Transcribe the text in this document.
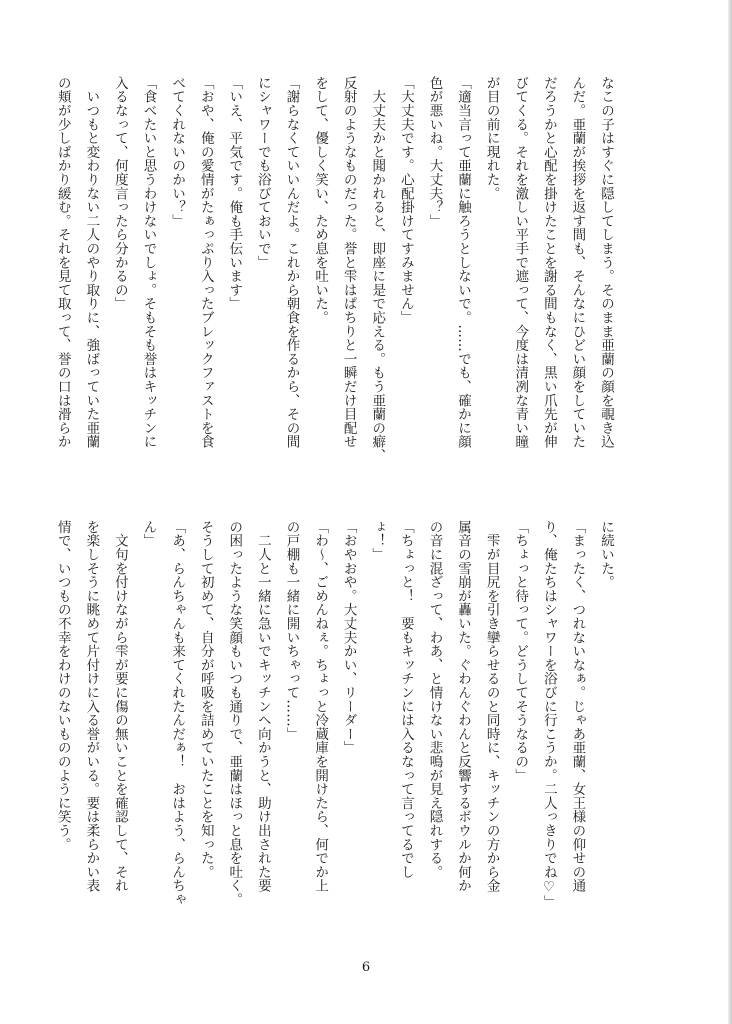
なこの子はすぐに隠してしまう。そのまま亜蘭の顔を覗き込
んだ。亜蘭が挨拶を返す間も、そんなにひどい顔をしていた
だろうかと心配を掛けたことを謝る間もなく、黒い爪先が伸
びてくる。それを激しい平手で遮って、今度は清冽な青い瞳
が目の前に現れた。
「適当言って亜蘭に触ろうとしないで。……でも、確かに顔
色が悪いね。大丈夫？」
「大丈夫です。心配掛けてすみません」
　大丈夫かと聞かれると、即座に是で応える。もう亜蘭の癖、
反射のようなものだった。誉と雫はぱちりと一瞬だけ目配せ
をして、優しく笑い、ため息を吐いた。
「謝らなくていいんだよ。これから朝食を作るから、その間
にシャワーでも浴びておいで」
「いえ、平気です。俺も手伝います」
「おや、俺の愛情がたぁっぷり入ったブレックファストを食
べてくれないのかい？」
「食べたいと思うわけないでしょ。そもそも誉はキッチンに
入るなって、何度言ったら分かるの」
　いつもと変わりない二人のやり取りに、強ばっていた亜蘭
の頬が少しばかり緩む。それを見て取って、誉の口は滑らか
に続いた。
「まったく、つれないなぁ。じゃあ亜蘭、女王様の仰せの通
り、俺たちはシャワーを浴びに行こうか。二人っきりでね♡」
「ちょっと待って。どうしてそうなるの」
　雫が目尻を引き攣らせるのと同時に、キッチンの方から金
属音の雪崩が轟いた。ぐわんぐわんと反響するボウルか何か
の音に混ざって、わあ、と情けない悲鳴が見え隠れする。
「ちょっと！　要もキッチンには入るなって言ってるでし
ょ！」
「おやおや。大丈夫かい、リーダー」
「わ〜、ごめんねぇ。ちょっと冷蔵庫を開けたら、何でか上
の戸棚も一緒に開いちゃって……」
　二人と一緒に急いでキッチンへ向かうと、助け出された要
の困ったような笑顔もいつも通りで、亜蘭はほっと息を吐く。
そうして初めて、自分が呼吸を詰めていたことを知った。
「あ、らんちゃんも来てくれたんだぁ！　おはよう、らんちゃ
ん」
　文句を付けながら雫が要に傷の無いことを確認して、それ
を楽しそうに眺めて片付けに入る誉がいる。要は柔らかい表
情で、いつもの不幸をわけのないもののように笑う。
6
